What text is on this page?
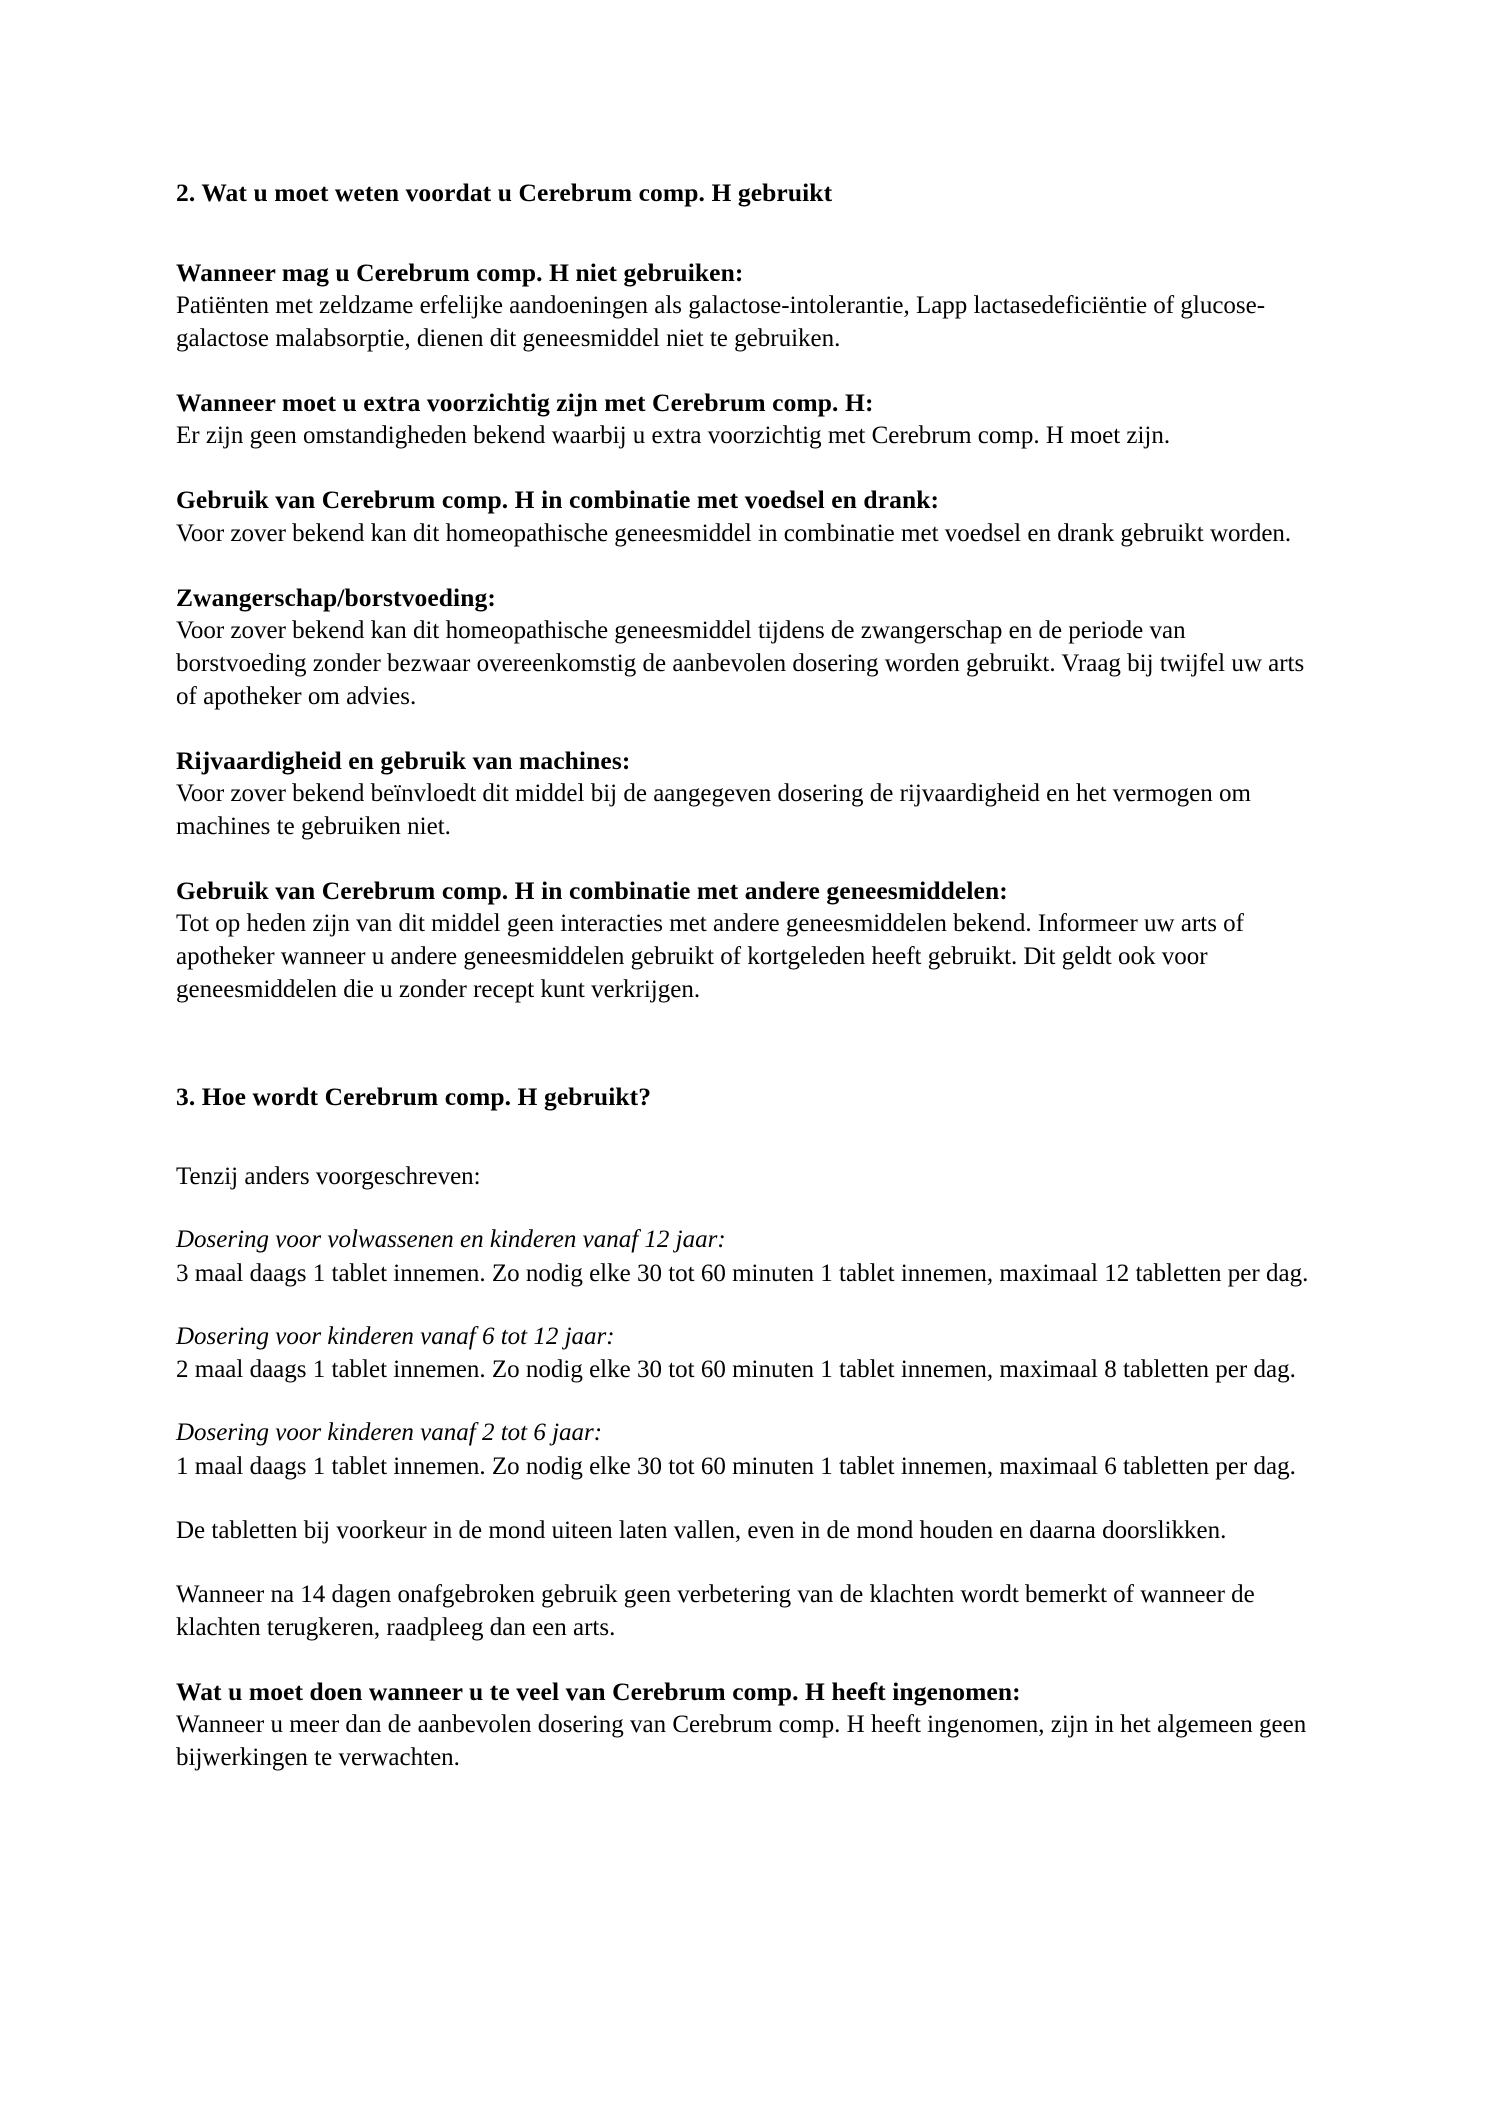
2. Wat u moet weten voordat u Cerebrum comp. H gebruikt

Wanneer mag u Cerebrum comp. H niet gebruiken:

Patiënten met zeldzame erfelijke aandoeningen als galactose-intolerantie, Lapp lactasedeficiëntie of glucose-galactose malabsorptie, dienen dit geneesmiddel niet te gebruiken.

Wanneer moet u extra voorzichtig zijn met Cerebrum comp. H:

Er zijn geen omstandigheden bekend waarbij u extra voorzichtig met Cerebrum comp. H moet zijn.

Gebruik van Cerebrum comp. H in combinatie met voedsel en drank:

Voor zover bekend kan dit homeopathische geneesmiddel in combinatie met voedsel en drank gebruikt worden.

Zwangerschap/borstvoeding:

Voor zover bekend kan dit homeopathische geneesmiddel tijdens de zwangerschap en de periode van borstvoeding zonder bezwaar overeenkomstig de aanbevolen dosering worden gebruikt. Vraag bij twijfel uw arts of apotheker om advies.

Rijvaardigheid en gebruik van machines:

Voor zover bekend beïnvloedt dit middel bij de aangegeven dosering de rijvaardigheid en het vermogen om machines te gebruiken niet.

Gebruik van Cerebrum comp. H in combinatie met andere geneesmiddelen:

Tot op heden zijn van dit middel geen interacties met andere geneesmiddelen bekend. Informeer uw arts of apotheker wanneer u andere geneesmiddelen gebruikt of kortgeleden heeft gebruikt. Dit geldt ook voor geneesmiddelen die u zonder recept kunt verkrijgen.

3. Hoe wordt Cerebrum comp. H gebruikt?

Tenzij anders voorgeschreven:

Dosering voor volwassenen en kinderen vanaf 12 jaar:

3 maal daags 1 tablet innemen. Zo nodig elke 30 tot 60 minuten 1 tablet innemen, maximaal 12 tabletten per dag.

Dosering voor kinderen vanaf 6 tot 12 jaar:

2 maal daags 1 tablet innemen. Zo nodig elke 30 tot 60 minuten 1 tablet innemen, maximaal 8 tabletten per dag.

Dosering voor kinderen vanaf 2 tot 6 jaar:

1 maal daags 1 tablet innemen. Zo nodig elke 30 tot 60 minuten 1 tablet innemen, maximaal 6 tabletten per dag.

De tabletten bij voorkeur in de mond uiteen laten vallen, even in de mond houden en daarna doorslikken.

Wanneer na 14 dagen onafgebroken gebruik geen verbetering van de klachten wordt bemerkt of wanneer de klachten terugkeren, raadpleeg dan een arts.

Wat u moet doen wanneer u te veel van Cerebrum comp. H heeft ingenomen:

Wanneer u meer dan de aanbevolen dosering van Cerebrum comp. H heeft ingenomen, zijn in het algemeen geen bijwerkingen te verwachten.
